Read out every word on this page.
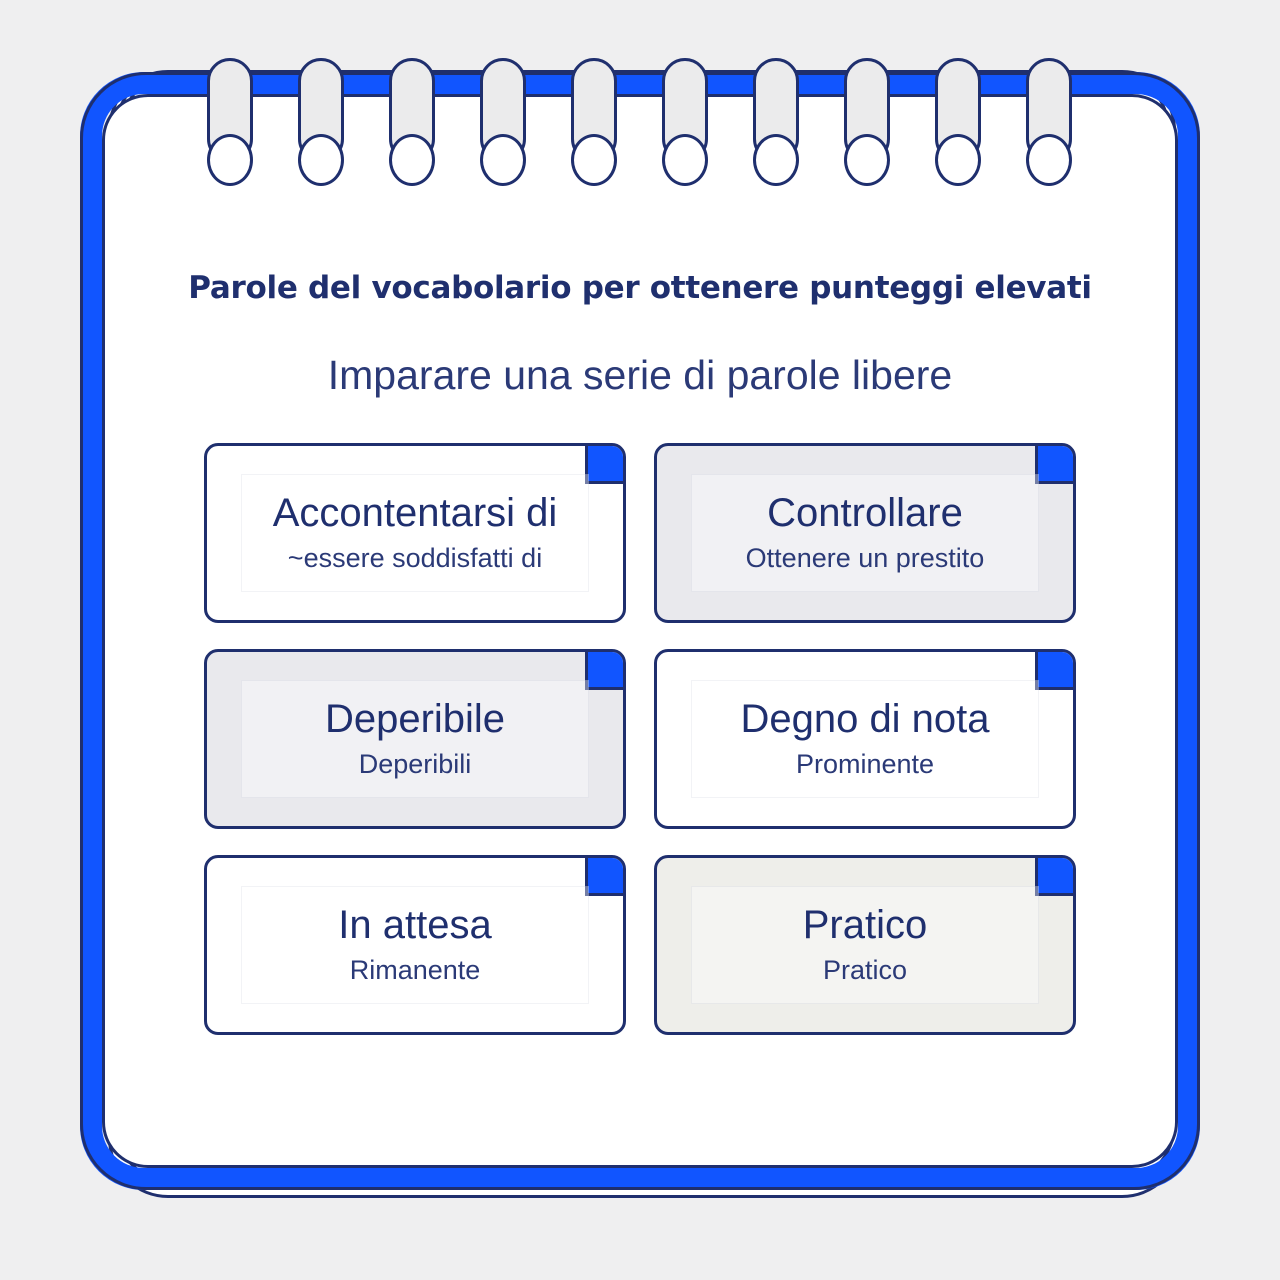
Parole del vocabolario per ottenere punteggi elevati
Imparare una serie di parole libere
Accontentarsi di
~essere soddisfatti di
Controllare
Ottenere un prestito
Deperibile
Deperibili
Degno di nota
Prominente
In attesa
Rimanente
Pratico
Pratico
